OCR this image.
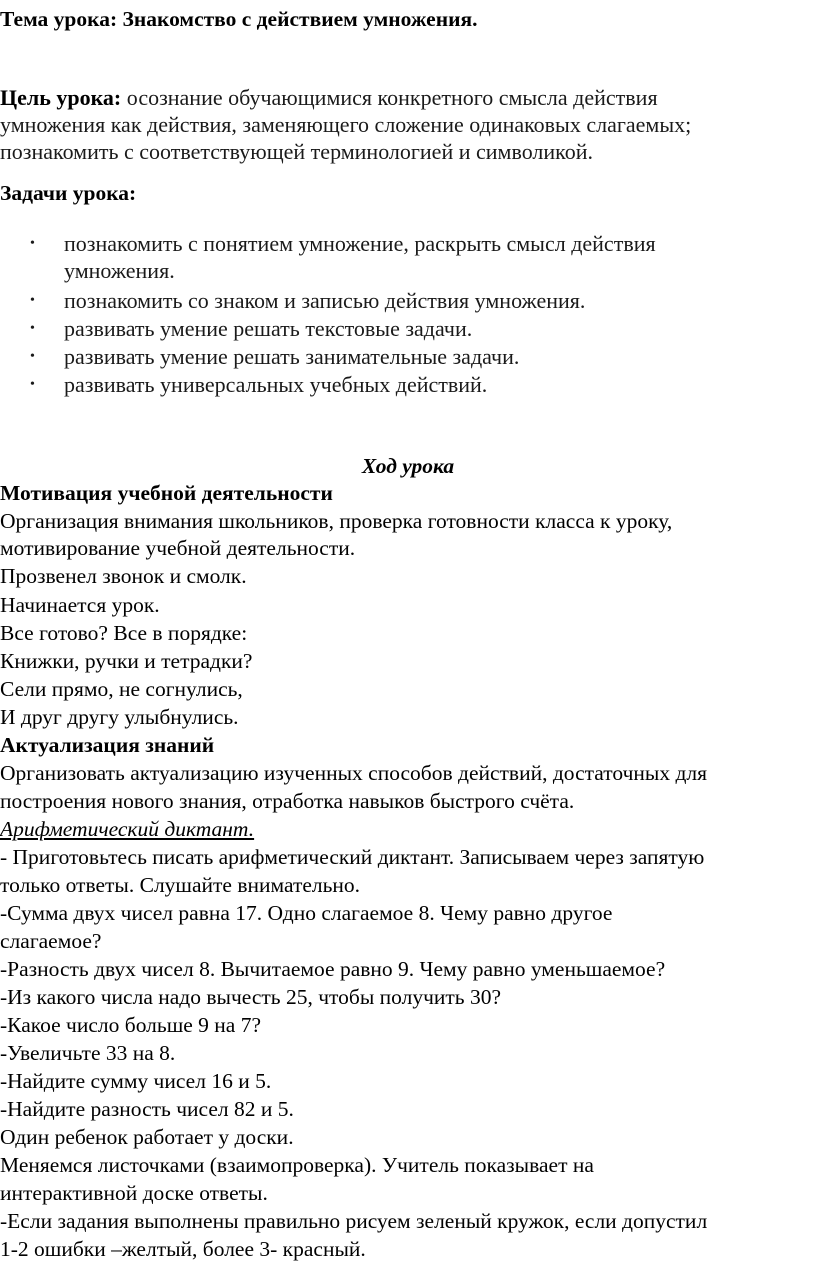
Тема урока: Знакомство с действием умножения.
Цель урока: осознание обучающимися конкретного смысла действия
умножения как действия, заменяющего сложение одинаковых слагаемых;
познакомить с соответствующей терминологией и символикой.
Задачи урока:
• познакомить с понятием умножение, раскрыть смысл действия
умножения.
• познакомить со знаком и записью действия умножения.
• развивать умение решать текстовые задачи.
• развивать умение решать занимательные задачи.
• развивать универсальных учебных действий.
Ход урока
Мотивация учебной деятельности
Организация внимания школьников, проверка готовности класса к уроку,
мотивирование учебной деятельности.
Прозвенел звонок и смолк.
Начинается урок.
Все готово? Все в порядке:
Книжки, ручки и тетрадки?
Сели прямо, не согнулись,
И друг другу улыбнулись.
Актуализация знаний
Организовать актуализацию изученных способов действий, достаточных для
построения нового знания, отработка навыков быстрого счёта.
Арифметический диктант.
- Приготовьтесь писать арифметический диктант. Записываем через запятую
только ответы. Слушайте внимательно.
-Сумма двух чисел равна 17. Одно слагаемое 8. Чему равно другое
слагаемое?
-Разность двух чисел 8. Вычитаемое равно 9. Чему равно уменьшаемое?
-Из какого числа надо вычесть 25, чтобы получить 30?
-Какое число больше 9 на 7?
-Увеличьте 33 на 8.
-Найдите сумму чисел 16 и 5.
-Найдите разность чисел 82 и 5.
Один ребенок работает у доски.
Меняемся листочками (взаимопроверка). Учитель показывает на
интерактивной доске ответы.
-Если задания выполнены правильно рисуем зеленый кружок, если допустил
1-2 ошибки –желтый, более 3- красный.
